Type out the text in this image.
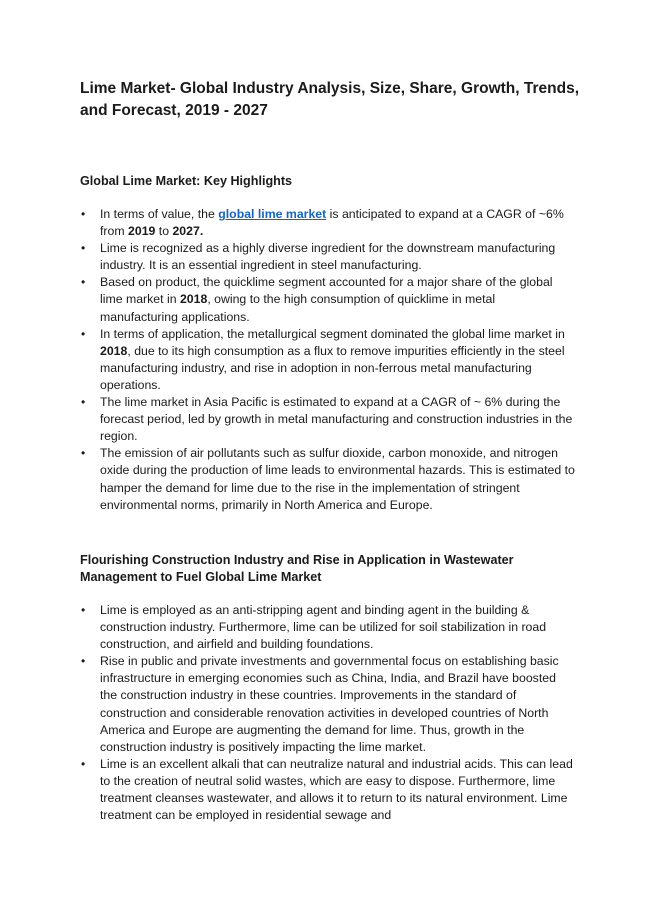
Lime Market- Global Industry Analysis, Size, Share, Growth, Trends, and Forecast, 2019 - 2027
Global Lime Market: Key Highlights
• In terms of value, the global lime market is anticipated to expand at a CAGR of ~6% from 2019 to 2027.
• Lime is recognized as a highly diverse ingredient for the downstream manufacturing industry. It is an essential ingredient in steel manufacturing.
• Based on product, the quicklime segment accounted for a major share of the global lime market in 2018, owing to the high consumption of quicklime in metal manufacturing applications.
• In terms of application, the metallurgical segment dominated the global lime market in 2018, due to its high consumption as a flux to remove impurities efficiently in the steel manufacturing industry, and rise in adoption in non-ferrous metal manufacturing operations.
• The lime market in Asia Pacific is estimated to expand at a CAGR of ~ 6% during the forecast period, led by growth in metal manufacturing and construction industries in the region.
• The emission of air pollutants such as sulfur dioxide, carbon monoxide, and nitrogen oxide during the production of lime leads to environmental hazards. This is estimated to hamper the demand for lime due to the rise in the implementation of stringent environmental norms, primarily in North America and Europe.
Flourishing Construction Industry and Rise in Application in Wastewater Management to Fuel Global Lime Market
• Lime is employed as an anti-stripping agent and binding agent in the building & construction industry. Furthermore, lime can be utilized for soil stabilization in road construction, and airfield and building foundations.
• Rise in public and private investments and governmental focus on establishing basic infrastructure in emerging economies such as China, India, and Brazil have boosted the construction industry in these countries. Improvements in the standard of construction and considerable renovation activities in developed countries of North America and Europe are augmenting the demand for lime. Thus, growth in the construction industry is positively impacting the lime market.
• Lime is an excellent alkali that can neutralize natural and industrial acids. This can lead to the creation of neutral solid wastes, which are easy to dispose. Furthermore, lime treatment cleanses wastewater, and allows it to return to its natural environment. Lime treatment can be employed in residential sewage and
